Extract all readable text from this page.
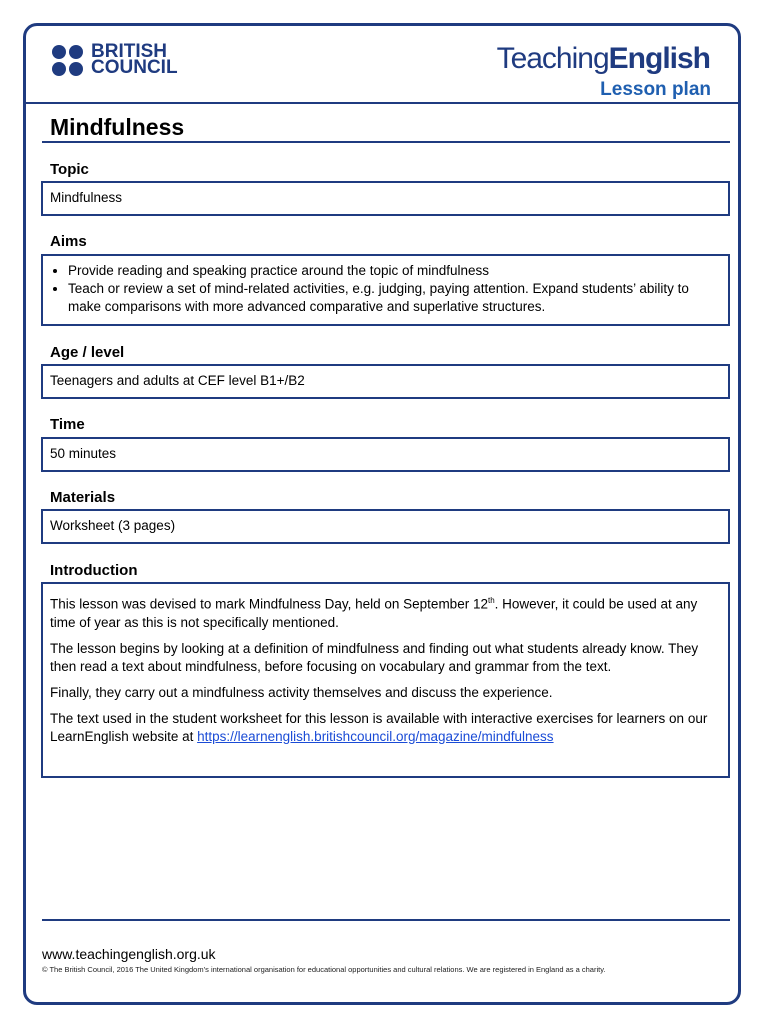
BRITISH
COUNCIL	TeachingEnglish
Lesson plan
Mindfulness
Topic
Mindfulness
Aims
• Provide reading and speaking practice around the topic of mindfulness
• Teach or review a set of mind-related activities, e.g. judging, paying attention. Expand students’ ability to make comparisons with more advanced comparative and superlative structures.
Age / level
Teenagers and adults at CEF level B1+/B2
Time
50 minutes
Materials
Worksheet (3 pages)
Introduction

This lesson was devised to mark Mindfulness Day, held on September 12th. However, it could be used at any time of year as this is not specifically mentioned.

The lesson begins by looking at a definition of mindfulness and finding out what students already know. They then read a text about mindfulness, before focusing on vocabulary and grammar from the text.

Finally, they carry out a mindfulness activity themselves and discuss the experience.

The text used in the student worksheet for this lesson is available with interactive exercises for learners on our LearnEnglish website at https://learnenglish.britishcouncil.org/magazine/mindfulness

www.teachingenglish.org.uk
© The British Council, 2016 The United Kingdom’s international organisation for educational opportunities and cultural relations. We are registered in England as a charity.
